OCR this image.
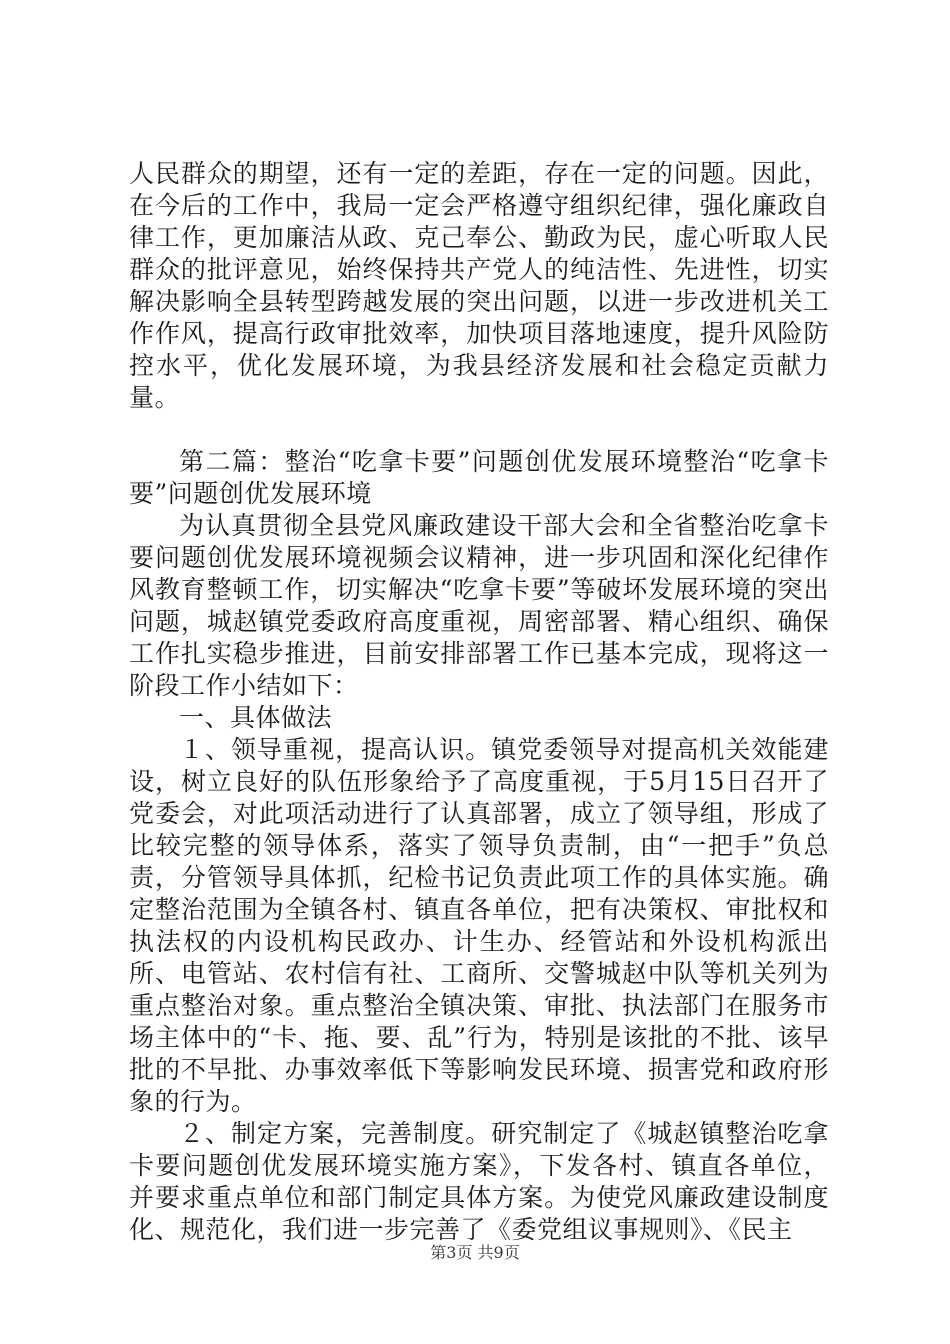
人民群众的期望，还有一定的差距，存在一定的问题。因此，在今后的工作中，我局一定会严格遵守组织纪律，强化廉政自律工作，更加廉洁从政、克己奉公、勤政为民，虚心听取人民群众的批评意见，始终保持共产党人的纯洁性、先进性，切实解决影响全县转型跨越发展的突出问题，以进一步改进机关工作作风，提高行政审批效率，加快项目落地速度，提升风险防控水平，优化发展环境，为我县经济发展和社会稳定贡献力量。

第二篇：整治“吃拿卡要”问题创优发展环境整治“吃拿卡要”问题创优发展环境

为认真贯彻全县党风廉政建设干部大会和全省整治吃拿卡要问题创优发展环境视频会议精神，进一步巩固和深化纪律作风教育整顿工作，切实解决“吃拿卡要”等破坏发展环境的突出问题，城赵镇党委政府高度重视，周密部署、精心组织、确保工作扎实稳步推进，目前安排部署工作已基本完成，现将这一阶段工作小结如下：

一、具体做法

１、领导重视，提高认识。镇党委领导对提高机关效能建设，树立良好的队伍形象给予了高度重视，于5月15日召开了党委会，对此项活动进行了认真部署，成立了领导组，形成了比较完整的领导体系，落实了领导负责制，由“一把手”负总责，分管领导具体抓，纪检书记负责此项工作的具体实施。确定整治范围为全镇各村、镇直各单位，把有决策权、审批权和执法权的内设机构民政办、计生办、经管站和外设机构派出所、电管站、农村信有社、工商所、交警城赵中队等机关列为重点整治对象。重点整治全镇决策、审批、执法部门在服务市场主体中的“卡、拖、要、乱”行为，特别是该批的不批、该早批的不早批、办事效率低下等影响发民环境、损害党和政府形象的行为。

２、制定方案，完善制度。研究制定了《城赵镇整治吃拿卡要问题创优发展环境实施方案》，下发各村、镇直各单位，并要求重点单位和部门制定具体方案。为使党风廉政建设制度化、规范化，我们进一步完善了《委党组议事规则》、《民主

第3页 共9页
